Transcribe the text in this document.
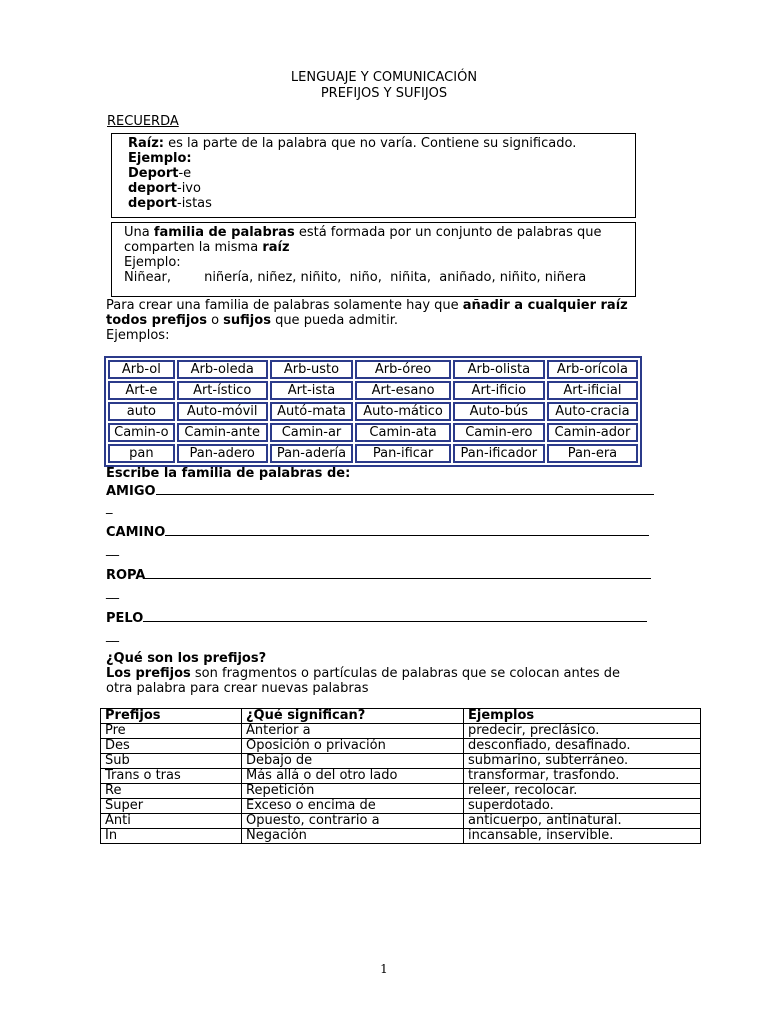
LENGUAJE Y COMUNICACIÓN
PREFIJOS Y SUFIJOS
RECUERDA

Raíz: es la parte de la palabra que no varía. Contiene su significado.

Ejemplo:

Deport-e

deport-ivo

deport-istas

Una familia de palabras está formada por un conjunto de palabras que comparten la misma raíz

Ejemplo:

Niñear,        niñería, niñez, niñito,  niño,  niñita,  aniñado, niñito, niñera

Para crear una familia de palabras solamente hay que añadir a cualquier raíz todos prefijos o sufijos que pueda admitir.

Ejemplos:

Arb-ol	Arb-oleda	Arb-usto	Arb-óreo	Arb-olista	Arb-orícola
Art-e	Art-ístico	Art-ista	Art-esano	Art-ificio	Art-ificial
auto	Auto-móvil	Autó-mata	Auto-mático	Auto-bús	Auto-cracia
Camin-o	Camin-ante	Camin-ar	Camin-ata	Camin-ero	Camin-ador
pan	Pan-adero	Pan-adería	Pan-ificar	Pan-ificador	Pan-era
Escribe la familia de palabras de:
AMIGO
_
CAMINO
__
ROPA
__
PELO
__
¿Qué son los prefijos?

Los prefijos son fragmentos o partículas de palabras que se colocan antes de otra palabra para crear nuevas palabras

Prefijos	¿Qué significan?	Ejemplos
Pre	Anterior a	predecir, preclásico.
Des	Oposición o privación	desconfiado, desafinado.
Sub	Debajo de	submarino, subterráneo.
Trans o tras	Más allá o del otro lado	transformar, trasfondo.
Re	Repetición	releer, recolocar.
Super	Exceso o encima de	superdotado.
Anti	Opuesto, contrario a	anticuerpo, antinatural.
In	Negación	incansable, inservible.
1
